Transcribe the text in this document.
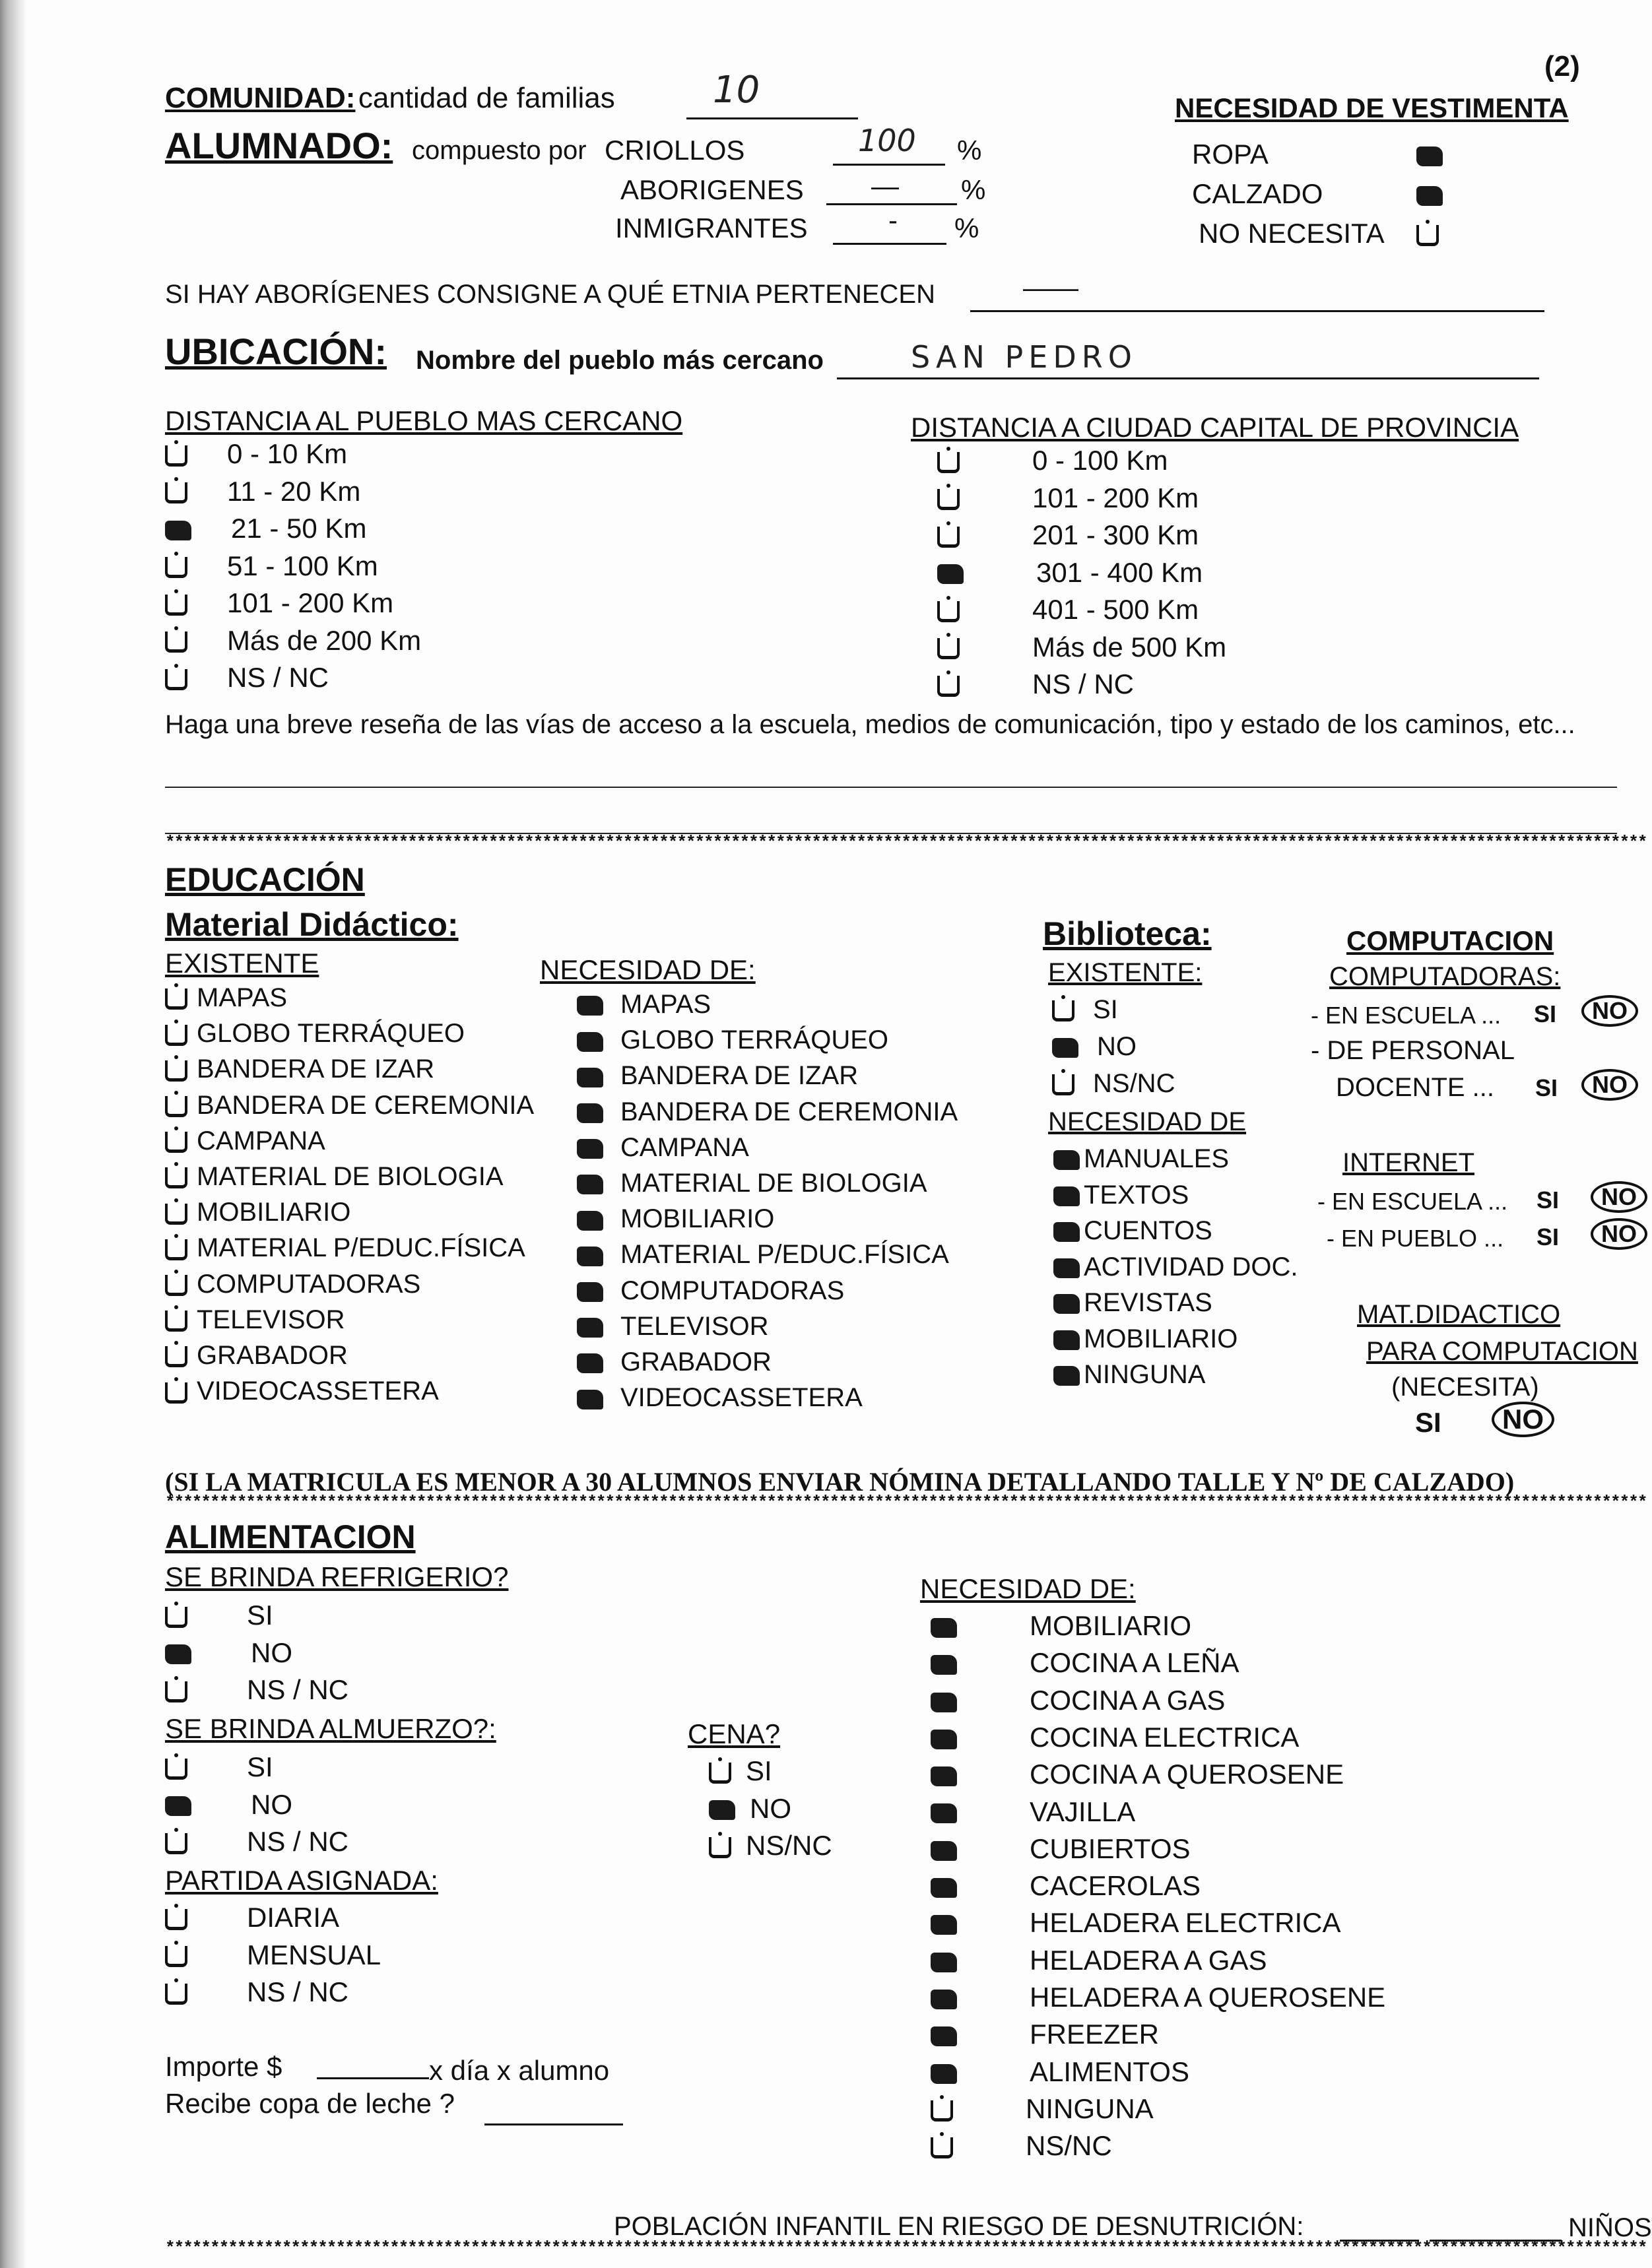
(2)
COMUNIDAD: cantidad de familias	10
ALUMNADO: compuesto por CRIOLLOS	100 %
ABORIGENES — %
INMIGRANTES	- %
NECESIDAD DE VESTIMENTA
ROPA
CALZADO
NO NECESITA
SI HAY ABORÍGENES CONSIGNE A QUÉ ETNIA PERTENECEN	——
UBICACIÓN: Nombre del pueblo más cercano	SAN PEDRO
DISTANCIA AL PUEBLO MAS CERCANO
0 - 10 Km
11 - 20 Km
21 - 50 Km
51 - 100 Km
101 - 200 Km
Más de 200 Km
NS / NC
DISTANCIA A CIUDAD CAPITAL DE PROVINCIA
0 - 100 Km
101 - 200 Km
201 - 300 Km
301 - 400 Km
401 - 500 Km
Más de 500 Km
NS / NC
Haga una breve reseña de las vías de acceso a la escuela, medios de comunicación, tipo y estado de los caminos, etc...
*********************************************************************************************************************************************************************
EDUCACIÓN
Material Didáctico:
EXISTENTE	NECESIDAD DE:
MAPAS
GLOBO TERRÁQUEO
BANDERA DE IZAR
BANDERA DE CEREMONIA
CAMPANA
MATERIAL DE BIOLOGIA
MOBILIARIO
MATERIAL P/EDUC.FÍSICA
COMPUTADORAS
TELEVISOR
GRABADOR
VIDEOCASSETERA
MAPAS
GLOBO TERRÁQUEO
BANDERA DE IZAR
BANDERA DE CEREMONIA
CAMPANA
MATERIAL DE BIOLOGIA
MOBILIARIO
MATERIAL P/EDUC.FÍSICA
COMPUTADORAS
TELEVISOR
GRABADOR
VIDEOCASSETERA
Biblioteca:
EXISTENTE:
SI
NO
NS/NC
NECESIDAD DE
MANUALES
TEXTOS
CUENTOS
ACTIVIDAD DOC.
REVISTAS
MOBILIARIO
NINGUNA
COMPUTACION
COMPUTADORAS:
- EN ESCUELA ... SI	NO
- DE PERSONAL
DOCENTE ... SI	NO
INTERNET
- EN ESCUELA ... SI	NO
- EN PUEBLO ... SI	NO
MAT.DIDACTICO
PARA COMPUTACION
(NECESITA)
SI	NO
(SI LA MATRICULA ES MENOR A 30 ALUMNOS ENVIAR NÓMINA DETALLANDO TALLE Y Nº DE CALZADO)
*********************************************************************************************************************************************************************
ALIMENTACION
SE BRINDA REFRIGERIO?
SI
NO
NS / NC
SE BRINDA ALMUERZO?:
SI
NO
NS / NC
CENA?
SI
NO
NS/NC
PARTIDA ASIGNADA:
DIARIA
MENSUAL
NS / NC
Importe $	x día x alumno
Recibe copa de leche ?
NECESIDAD DE:
MOBILIARIO
COCINA A LEÑA
COCINA A GAS
COCINA ELECTRICA
COCINA A QUEROSENE
VAJILLA
CUBIERTOS
CACEROLAS
HELADERA ELECTRICA
HELADERA A GAS
HELADERA A QUEROSENE
FREEZER
ALIMENTOS
NINGUNA
NS/NC
POBLACIÓN INFANTIL EN RIESGO DE DESNUTRICIÓN:	NIÑOS
*********************************************************************************************************************************************************************
